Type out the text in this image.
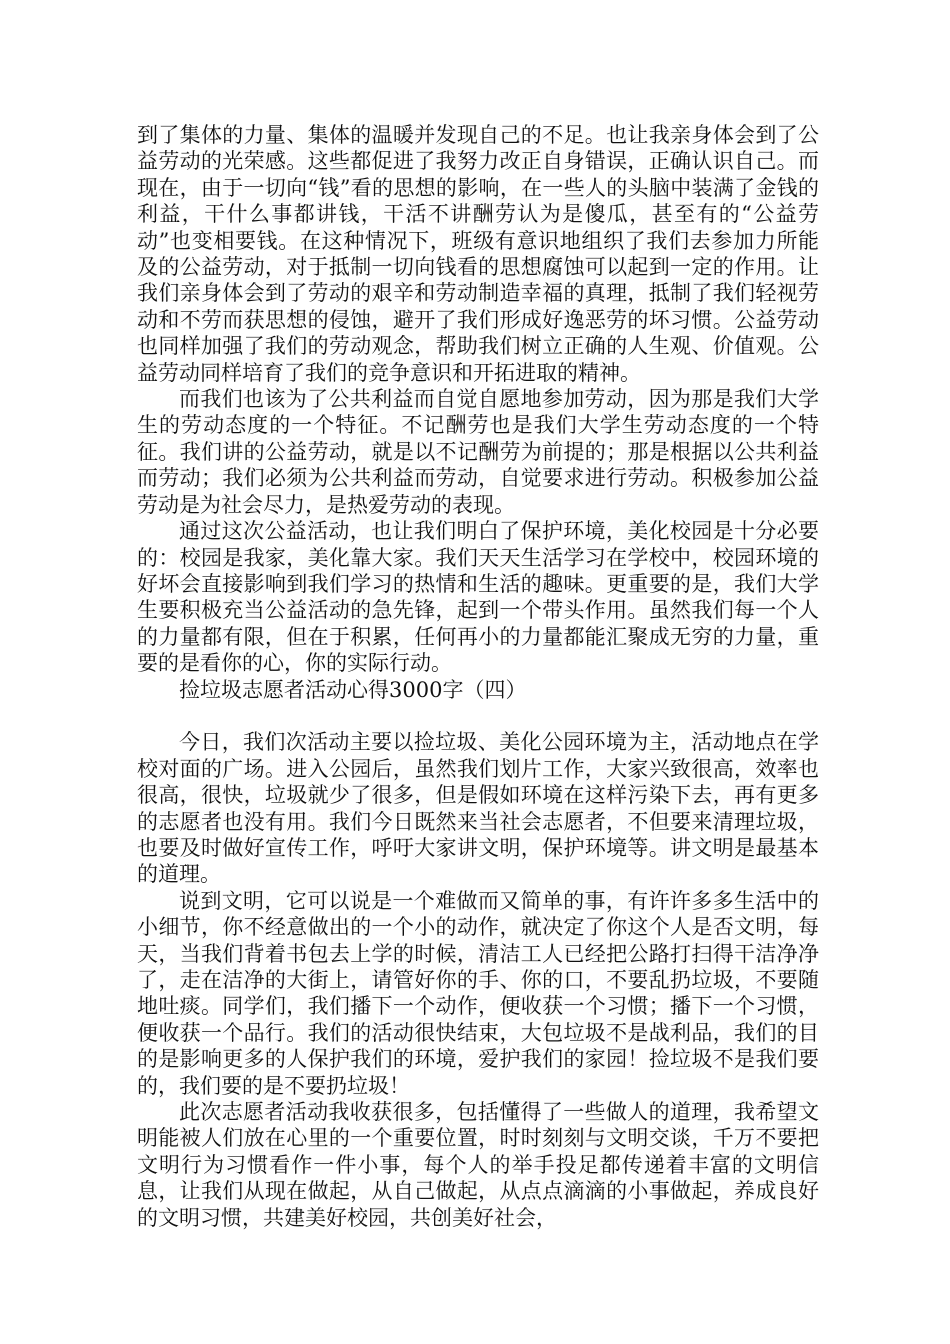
到了集体的力量、集体的温暖并发现自己的不足。也让我亲身体会到了公益劳动的光荣感。这些都促进了我努力改正自身错误，正确认识自己。而现在，由于一切向“钱”看的思想的影响，在一些人的头脑中装满了金钱的利益，干什么事都讲钱，干活不讲酬劳认为是傻瓜，甚至有的“公益劳动”也变相要钱。在这种情况下，班级有意识地组织了我们去参加力所能及的公益劳动，对于抵制一切向钱看的思想腐蚀可以起到一定的作用。让我们亲身体会到了劳动的艰辛和劳动制造幸福的真理，抵制了我们轻视劳动和不劳而获思想的侵蚀，避开了我们形成好逸恶劳的坏习惯。公益劳动也同样加强了我们的劳动观念，帮助我们树立正确的人生观、价值观。公益劳动同样培育了我们的竞争意识和开拓进取的精神。

而我们也该为了公共利益而自觉自愿地参加劳动，因为那是我们大学生的劳动态度的一个特征。不记酬劳也是我们大学生劳动态度的一个特征。我们讲的公益劳动，就是以不记酬劳为前提的；那是根据以公共利益而劳动；我们必须为公共利益而劳动，自觉要求进行劳动。积极参加公益劳动是为社会尽力，是热爱劳动的表现。

通过这次公益活动，也让我们明白了保护环境，美化校园是十分必要的：校园是我家，美化靠大家。我们天天生活学习在学校中，校园环境的好坏会直接影响到我们学习的热情和生活的趣味。更重要的是，我们大学生要积极充当公益活动的急先锋，起到一个带头作用。虽然我们每一个人的力量都有限，但在于积累，任何再小的力量都能汇聚成无穷的力量，重要的是看你的心，你的实际行动。

捡垃圾志愿者活动心得3000字（四）

今日，我们次活动主要以捡垃圾、美化公园环境为主，活动地点在学校对面的广场。进入公园后，虽然我们划片工作，大家兴致很高，效率也很高，很快，垃圾就少了很多，但是假如环境在这样污染下去，再有更多的志愿者也没有用。我们今日既然来当社会志愿者，不但要来清理垃圾，也要及时做好宣传工作，呼吁大家讲文明，保护环境等。讲文明是最基本的道理。

说到文明，它可以说是一个难做而又简单的事，有许许多多生活中的小细节，你不经意做出的一个小的动作，就决定了你这个人是否文明，每天，当我们背着书包去上学的时候，清洁工人已经把公路打扫得干洁净净了，走在洁净的大街上，请管好你的手、你的口，不要乱扔垃圾，不要随地吐痰。同学们，我们播下一个动作，便收获一个习惯；播下一个习惯，便收获一个品行。我们的活动很快结束，大包垃圾不是战利品，我们的目的是影响更多的人保护我们的环境，爱护我们的家园！捡垃圾不是我们要的，我们要的是不要扔垃圾！

此次志愿者活动我收获很多，包括懂得了一些做人的道理，我希望文明能被人们放在心里的一个重要位置，时时刻刻与文明交谈，千万不要把文明行为习惯看作一件小事，每个人的举手投足都传递着丰富的文明信息，让我们从现在做起，从自己做起，从点点滴滴的小事做起，养成良好的文明习惯，共建美好校园，共创美好社会，
